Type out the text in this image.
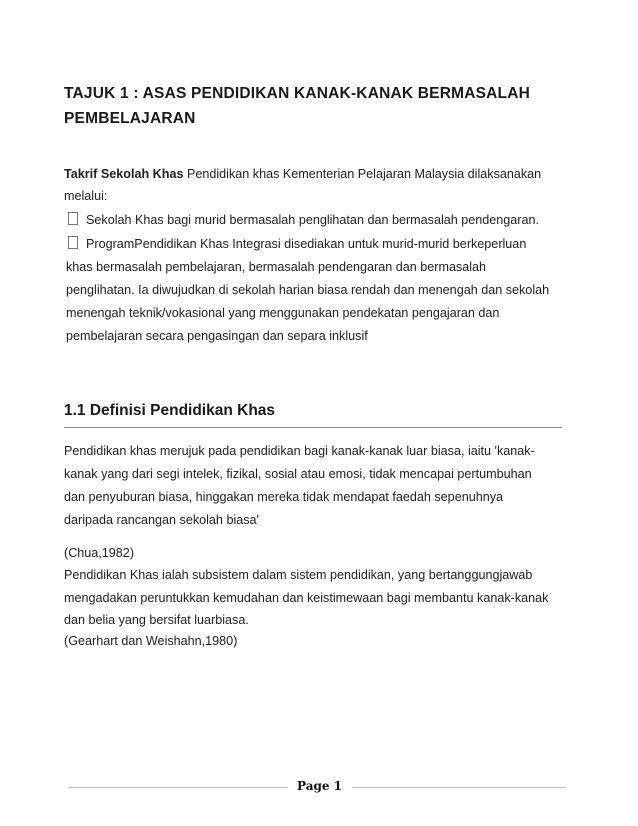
TAJUK 1 : ASAS PENDIDIKAN KANAK-KANAK BERMASALAH
PEMBELAJARAN
Takrif Sekolah Khas Pendidikan khas Kementerian Pelajaran Malaysia dilaksanakan
melalui:
Sekolah Khas bagi murid bermasalah penglihatan dan bermasalah pendengaran.
ProgramPendidikan Khas Integrasi disediakan untuk murid-murid berkeperluan
khas bermasalah pembelajaran, bermasalah pendengaran dan bermasalah
penglihatan. Ia diwujudkan di sekolah harian biasa rendah dan menengah dan sekolah
menengah teknik/vokasional yang menggunakan pendekatan pengajaran dan
pembelajaran secara pengasingan dan separa inklusif
1.1 Definisi Pendidikan Khas
Pendidikan khas merujuk pada pendidikan bagi kanak-kanak luar biasa, iaitu 'kanak-
kanak yang dari segi intelek, fizikal, sosial atau emosi, tidak mencapai pertumbuhan
dan penyuburan biasa, hinggakan mereka tidak mendapat faedah sepenuhnya
daripada rancangan sekolah biasa'
(Chua,1982)
Pendidikan Khas ialah subsistem dalam sistem pendidikan, yang bertanggungjawab
mengadakan peruntukkan kemudahan dan keistimewaan bagi membantu kanak-kanak
dan belia yang bersifat luarbiasa.
(Gearhart dan Weishahn,1980)
Page 1
